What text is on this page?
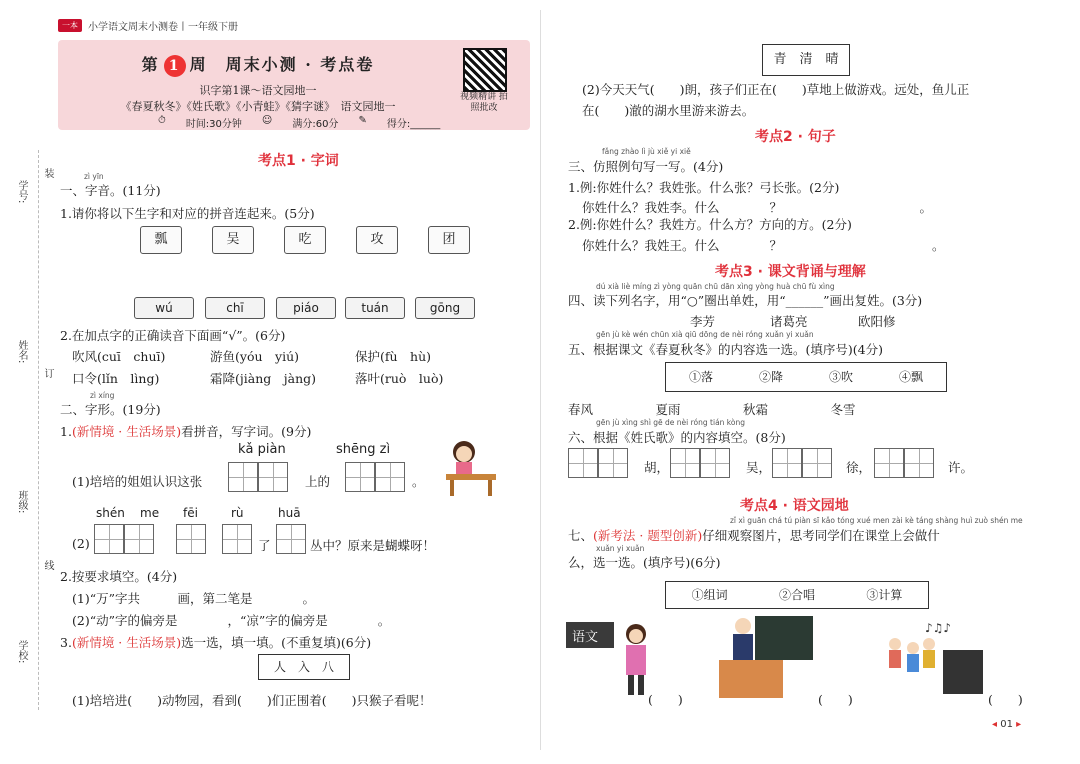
一本	小学语文周末小测卷丨一年级下册
学号:
装
姓名:
订
班级:
线
学校:
第 1 周　周末小测 · 考点卷
识字第1课～语文园地一
《春夏秋冬》《姓氏歌》《小青蛙》《猜字谜》　语文园地一
⏱ 时间:30分钟 ☺ 满分:60分 ✎ 得分:______
视频精讲 拍照批改
考点1 · 字词
zì yīn
一、字音。(11分)
1.请你将以下生字和对应的拼音连起来。(5分)
瓢	吴	吃	攻	团
wú	chī	piáo	tuán	gōng
2.在加点字的正确读音下面画“√”。(6分)
吹风(cuī　chuī)	游鱼(yóu　yiú)	保护(fù　hù)
口令(lǐn　lìng)	霜降(jiàng　jàng)	落叶(ruò　luò)
zì xíng
二、字形。(19分)
1.(新情境 · 生活场景)看拼音，写字词。(9分)
kǎ piàn	shēng zì
(1)培培的姐姐认识这张	上的	。
shén me fēi	rù	huā
(2)	了	丛中？原来是蝴蝶呀！
2.按要求填空。(4分)
(1)“万”字共　　　画，第二笔是　　　　。
(2)“动”字的偏旁是　　　　，“凉”字的偏旁是　　　　。
3.(新情境 · 生活场景)选一选，填一填。(不重复填)(6分)
人　入　八
(1)培培进(　　)动物园，看到(　　)们正围着(　　)只猴子看呢！
青　清　晴
(2)今天天气(　　)朗，孩子们正在(　　)草地上做游戏。远处，鱼儿正
在(　　)澈的湖水里游来游去。
考点2 · 句子
fǎng zhào lì jù xiě yi xiě
三、仿照例句写一写。(4分)
1.例:你姓什么？我姓张。什么张？弓长张。(2分)
你姓什么？我姓李。什么　　　　？　　　　　　　　　　　。
2.例:你姓什么？我姓方。什么方？方向的方。(2分)
你姓什么？我姓王。什么　　　　？　　　　　　　　　　　　。
考点3 · 课文背诵与理解
dú xià liè míng zì yòng quān chū dān xìng yòng huà chū fù xìng
四、读下列名字，用“○”圈出单姓，用“______”画出复姓。(3分)
李芳	诸葛亮	欧阳修
gēn jù kè wén chūn xià qiū dōng de nèi róng xuǎn yi xuǎn
五、根据课文《春夏秋冬》的内容选一选。(填序号)(4分)
①落	②降	③吹	④飘
春风　　　　　夏雨　　　　　秋霜　　　　　冬雪　　　　　
gēn jù xìng shì gē de nèi róng tián kòng
六、根据《姓氏歌》的内容填空。(8分)
胡，	吴，	徐，	许。
考点4 · 语文园地
zǐ xì guān chá tú piàn sī kǎo tóng xué men zài kè táng shàng huì zuò shén me
七、(新考法 · 题型创新)仔细观察图片，思考同学们在课堂上会做什
xuǎn yi xuǎn
么，选一选。(填序号)(6分)
①组词	②合唱	③计算
语文
♪♫♪
(　　)	(　　)	(　　)
◂ 01 ▸
